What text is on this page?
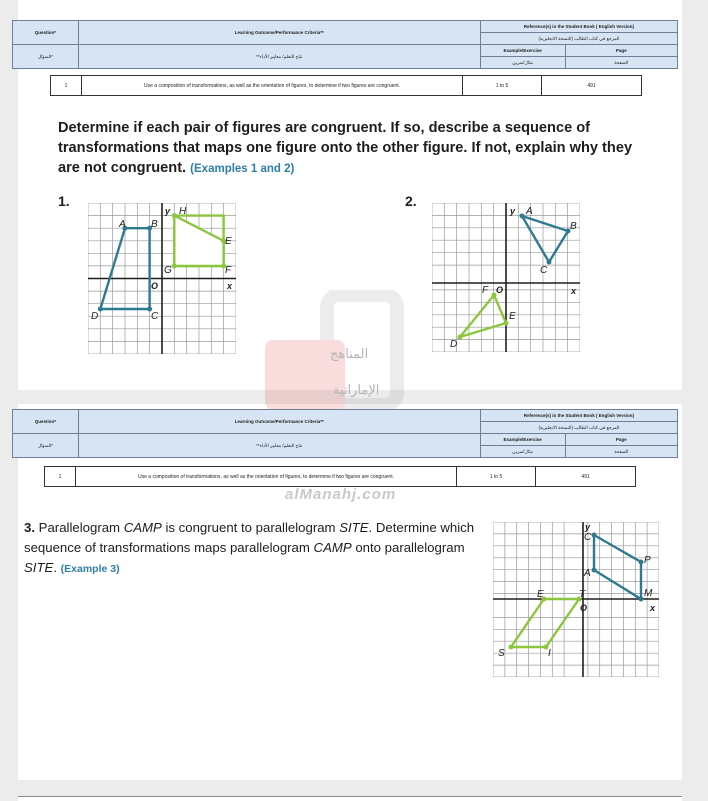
Question*	Learning Outcome/Performance Criteria**	Reference(s) in the Student Book ( English Version)	
		المرجع في كتاب الطالب (النسخة الانجليزية)	
السؤال*	**نتاج التعلم/ معايير الأداء	Example/Exercise	Page
		مثال/تمرين	الصفحة
1	Use a composition of transformations, as well as the orientation of figures, to determine if two figures are congruent.	1 to 5	491
Determine if each pair of figures are congruent. If so, describe a sequence of transformations that maps one figure onto the other figure. If not, explain why they are not congruent. (Examples 1 and 2)
1.	2.
A	B
C
D
E
F
G
H
x
y
O
A
B
C
D
E
F	x
y
O
المناهج
الإماراتية
Question*	Learning Outcome/Performance Criteria**	Reference(s) in the Student Book ( English Version)	
		المرجع في كتاب الطالب (النسخة الانجليزية)	
السؤال*	**نتاج التعلم/ معايير الأداء	Example/Exercise	Page
		مثال/تمرين	الصفحة
1	Use a composition of transformations, as well as the orientation of figures, to determine if two figures are congruent.	1 to 5	491
alManahj.com
3. Parallelogram CAMP is congruent to parallelogram SITE. Determine which sequence of transformations maps parallelogram CAMP onto parallelogram SITE. (Example 3)
C
A
P
M
S	I
T
E
x
y
O
